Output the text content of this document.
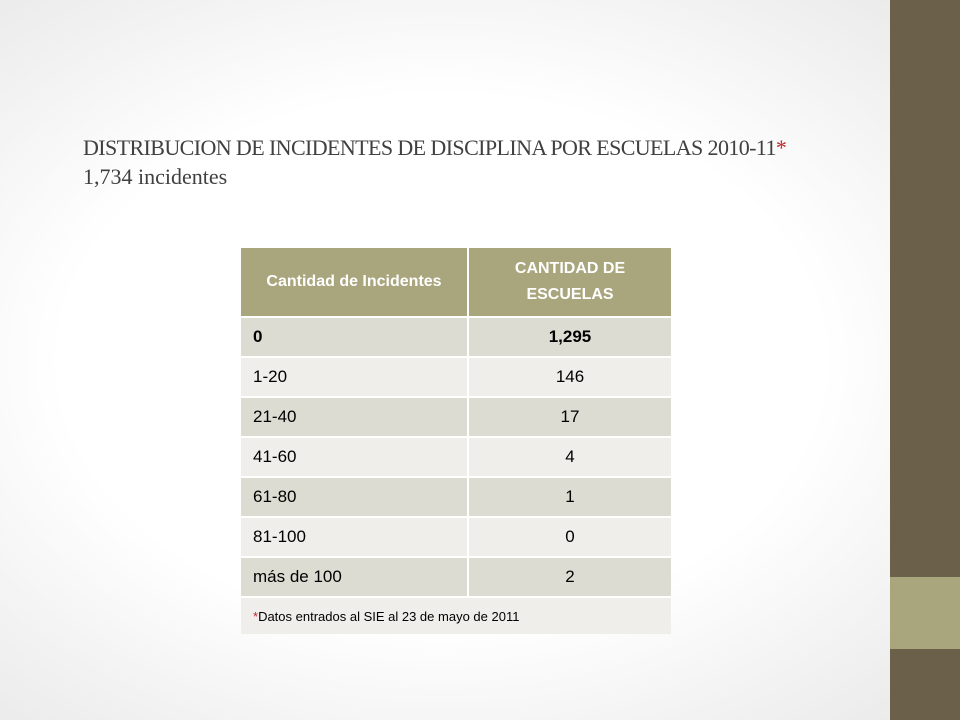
DISTRIBUCION DE INCIDENTES DE DISCIPLINA POR ESCUELAS 2010-11*
1,734 incidentes
Cantidad de Incidentes	CANTIDAD DE ESCUELAS
0	1,295
1-20	146
21-40	17
41-60	4
61-80	1
81-100	0
más de 100	2
*Datos entrados al SIE al 23 de mayo de 2011	
